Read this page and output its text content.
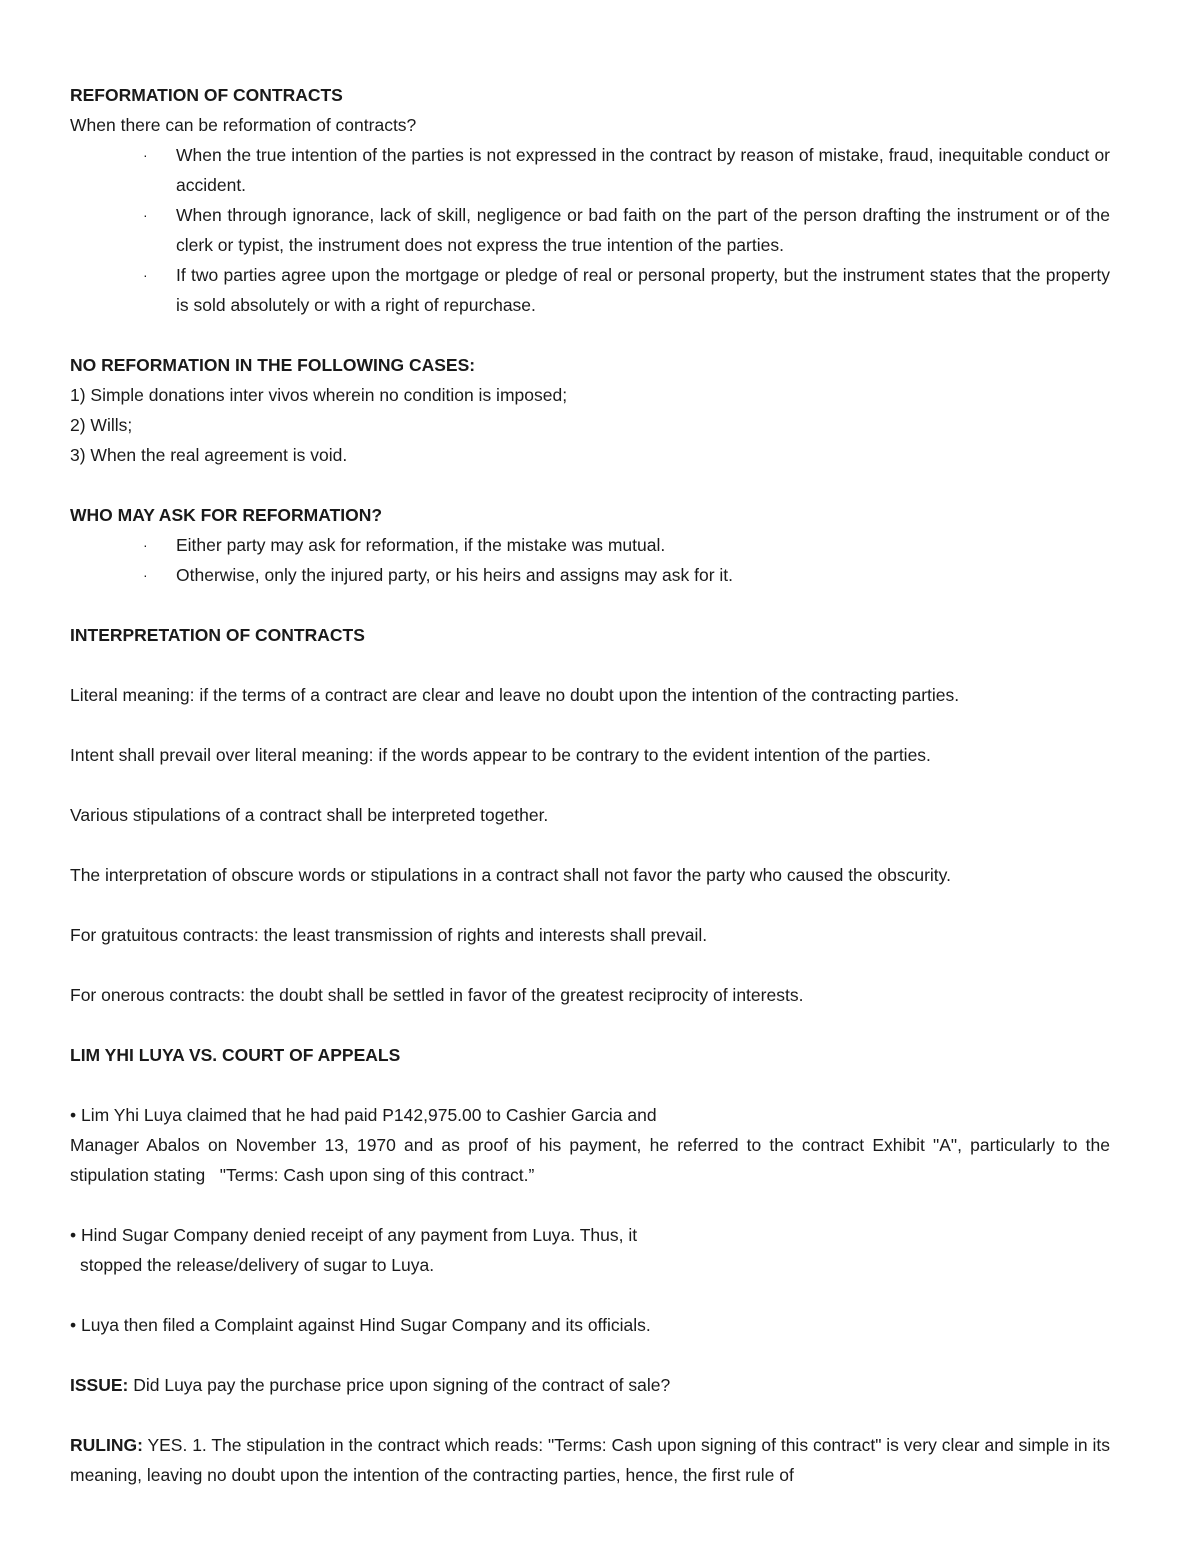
REFORMATION OF CONTRACTS

When there can be reformation of contracts?

· When the true intention of the parties is not expressed in the contract by reason of mistake, fraud, inequitable conduct or accident.
· When through ignorance, lack of skill, negligence or bad faith on the part of the person drafting the instrument or of the clerk or typist, the instrument does not express the true intention of the parties.
· If two parties agree upon the mortgage or pledge of real or personal property, but the instrument states that the property is sold absolutely or with a right of repurchase.

NO REFORMATION IN THE FOLLOWING CASES:

1) Simple donations inter vivos wherein no condition is imposed;

2) Wills;

3) When the real agreement is void.

WHO MAY ASK FOR REFORMATION?

· Either party may ask for reformation, if the mistake was mutual.
· Otherwise, only the injured party, or his heirs and assigns may ask for it.

INTERPRETATION OF CONTRACTS

Literal meaning: if the terms of a contract are clear and leave no doubt upon the intention of the contracting parties.

Intent shall prevail over literal meaning: if the words appear to be contrary to the evident intention of the parties.

Various stipulations of a contract shall be interpreted together.

The interpretation of obscure words or stipulations in a contract shall not favor the party who caused the obscurity.

For gratuitous contracts: the least transmission of rights and interests shall prevail.

For onerous contracts: the doubt shall be settled in favor of the greatest reciprocity of interests.

LIM YHI LUYA VS. COURT OF APPEALS

• Lim Yhi Luya claimed that he had paid P142,975.00 to Cashier Garcia and

Manager Abalos on November 13, 1970 and as proof of his payment, he referred to the contract Exhibit "A", particularly to the stipulation stating   "Terms: Cash upon sing of this contract.”

• Hind Sugar Company denied receipt of any payment from Luya. Thus, it

stopped the release/delivery of sugar to Luya.

• Luya then filed a Complaint against Hind Sugar Company and its officials.

ISSUE: Did Luya pay the purchase price upon signing of the contract of sale?

RULING: YES. 1. The stipulation in the contract which reads: "Terms: Cash upon signing of this contract" is very clear and simple in its meaning, leaving no doubt upon the intention of the contracting parties, hence, the first rule of
